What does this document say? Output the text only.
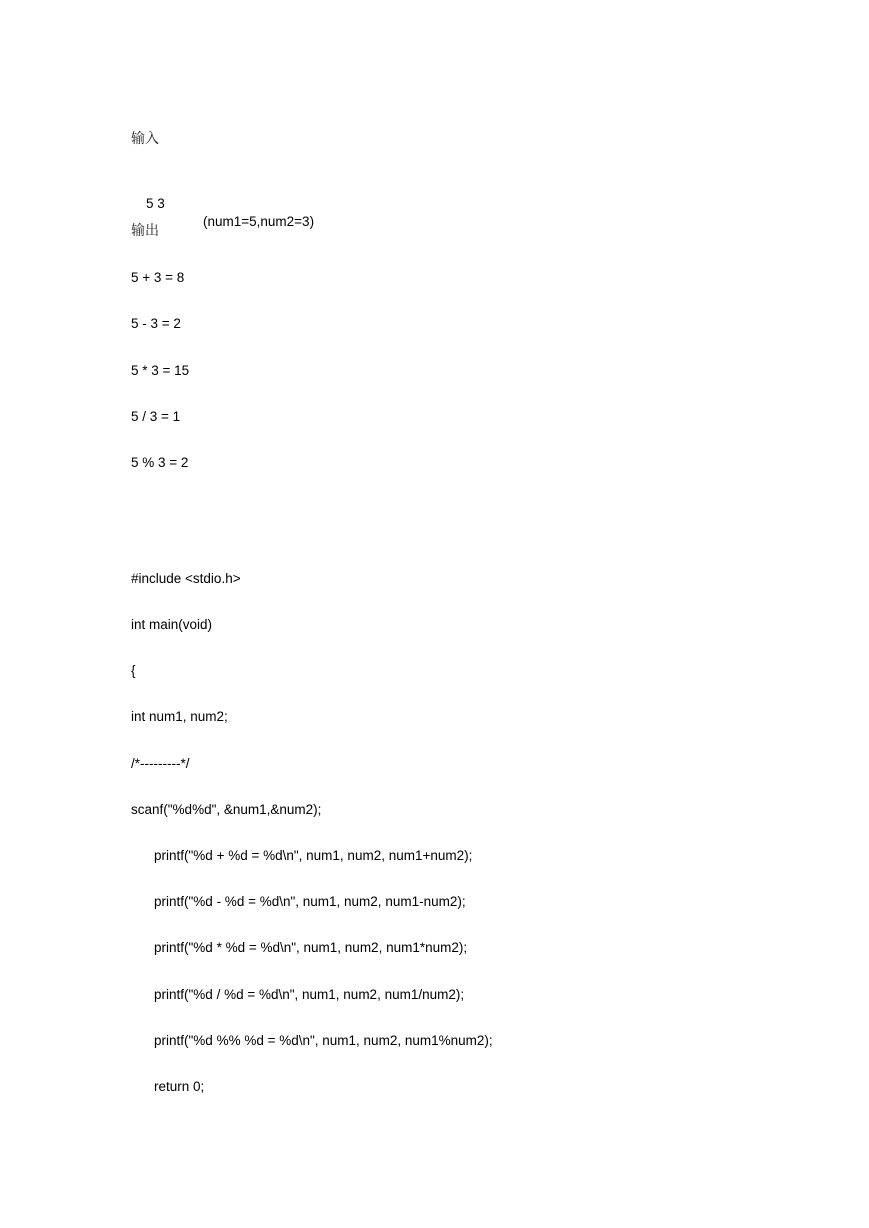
输入

5 3

(num1=5,num2=3)

输出
5 + 3 = 8
5 - 3 = 2
5 * 3 = 15
5 / 3 = 1
5 % 3 = 2
#include <stdio.h>
int main(void)
{
int num1, num2;
/*---------*/
scanf("%d%d", &num1,&num2);
printf("%d + %d = %d\n", num1, num2, num1+num2);
printf("%d - %d = %d\n", num1, num2, num1-num2);
printf("%d * %d = %d\n", num1, num2, num1*num2);
printf("%d / %d = %d\n", num1, num2, num1/num2);
printf("%d %% %d = %d\n", num1, num2, num1%num2);
return 0;
